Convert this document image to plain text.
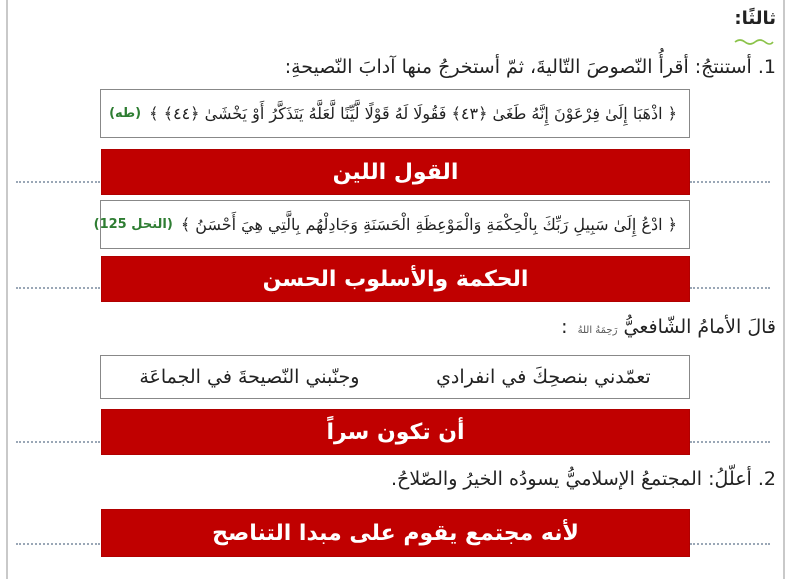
ثالثًا:
1. أستنتجُ: أقرأُ النّصوصَ التّاليةَ، ثمّ أستخرجُ منها آدابَ النّصيحةِ:
﴿ اذْهَبَا إِلَىٰ فِرْعَوْنَ إِنَّهُ طَغَىٰ ﴿٤٣﴾ فَقُولَا لَهُ قَوْلًا لَّيِّنًا لَّعَلَّهُ يَتَذَكَّرُ أَوْ يَخْشَىٰ ﴿٤٤﴾ ﴾
(طه)
القول اللين
﴿ ادْعُ إِلَىٰ سَبِيلِ رَبِّكَ بِالْحِكْمَةِ وَالْمَوْعِظَةِ الْحَسَنَةِ وَجَادِلْهُم بِالَّتِي هِيَ أَحْسَنُ ﴾
(النحل 125)
الحكمة والأسلوب الحسن
قالَ الأمامُ الشّافعيُّ رَحِمَهُ اللهُ :
تعمّدني بنصحِكَ في انفرادي
وجنّبني النّصيحةَ في الجماعَة
أن تكون سراً
2. أعلّلُ: المجتمعُ الإسلاميُّ يسودُه الخيرُ والصّلاحُ.
لأنه مجتمع يقوم على مبدا التناصح
